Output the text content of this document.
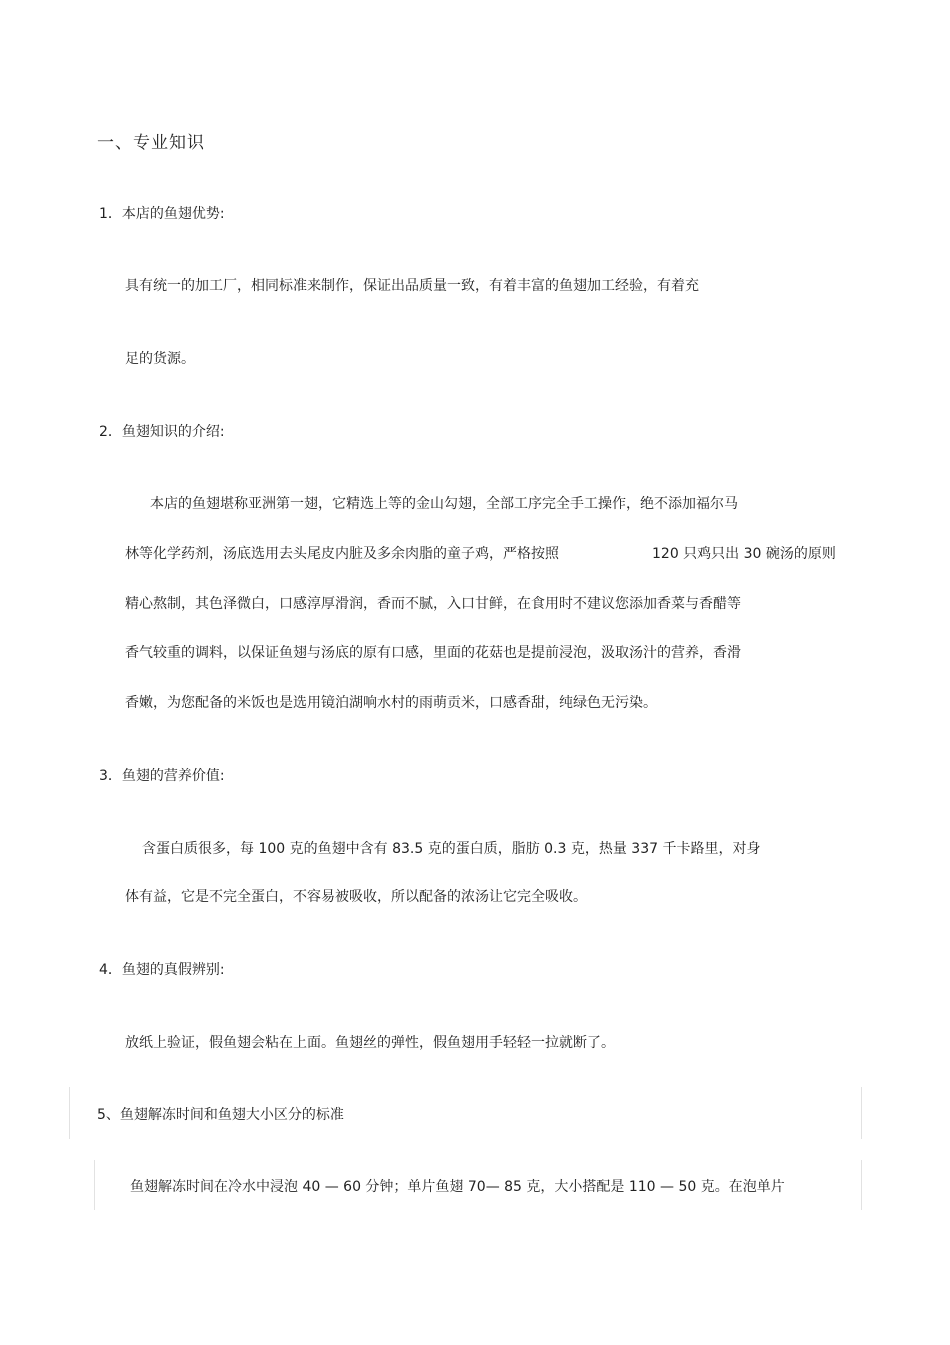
一、专业知识
1．本店的鱼翅优势:
具有统一的加工厂，相同标准来制作，保证出品质量一致，有着丰富的鱼翅加工经验，有着充
足的货源。
2．鱼翅知识的介绍:
本店的鱼翅堪称亚洲第一翅，它精选上等的金山勾翅，全部工序完全手工操作，绝不添加福尔马
林等化学药剂，汤底选用去头尾皮内脏及多余肉脂的童子鸡，严格按照	120 只鸡只出 30 碗汤的原则
精心熬制，其色泽微白，口感淳厚滑润，香而不腻，入口甘鲜，在食用时不建议您添加香菜与香醋等
香气较重的调料，以保证鱼翅与汤底的原有口感，里面的花菇也是提前浸泡，汲取汤汁的营养，香滑
香嫩，为您配备的米饭也是选用镜泊湖响水村的雨萌贡米，口感香甜，纯绿色无污染。
3．鱼翅的营养价值:
含蛋白质很多，每 100 克的鱼翅中含有 83.5 克的蛋白质，脂肪 0.3 克，热量 337 千卡路里，对身
体有益，它是不完全蛋白，不容易被吸收，所以配备的浓汤让它完全吸收。
4．鱼翅的真假辨别:
放纸上验证，假鱼翅会粘在上面。鱼翅丝的弹性，假鱼翅用手轻轻一拉就断了。
5、鱼翅解冻时间和鱼翅大小区分的标准
鱼翅解冻时间在冷水中浸泡 40 — 60 分钟；单片鱼翅 70— 85 克，大小搭配是 110 — 50 克。在泡单片
